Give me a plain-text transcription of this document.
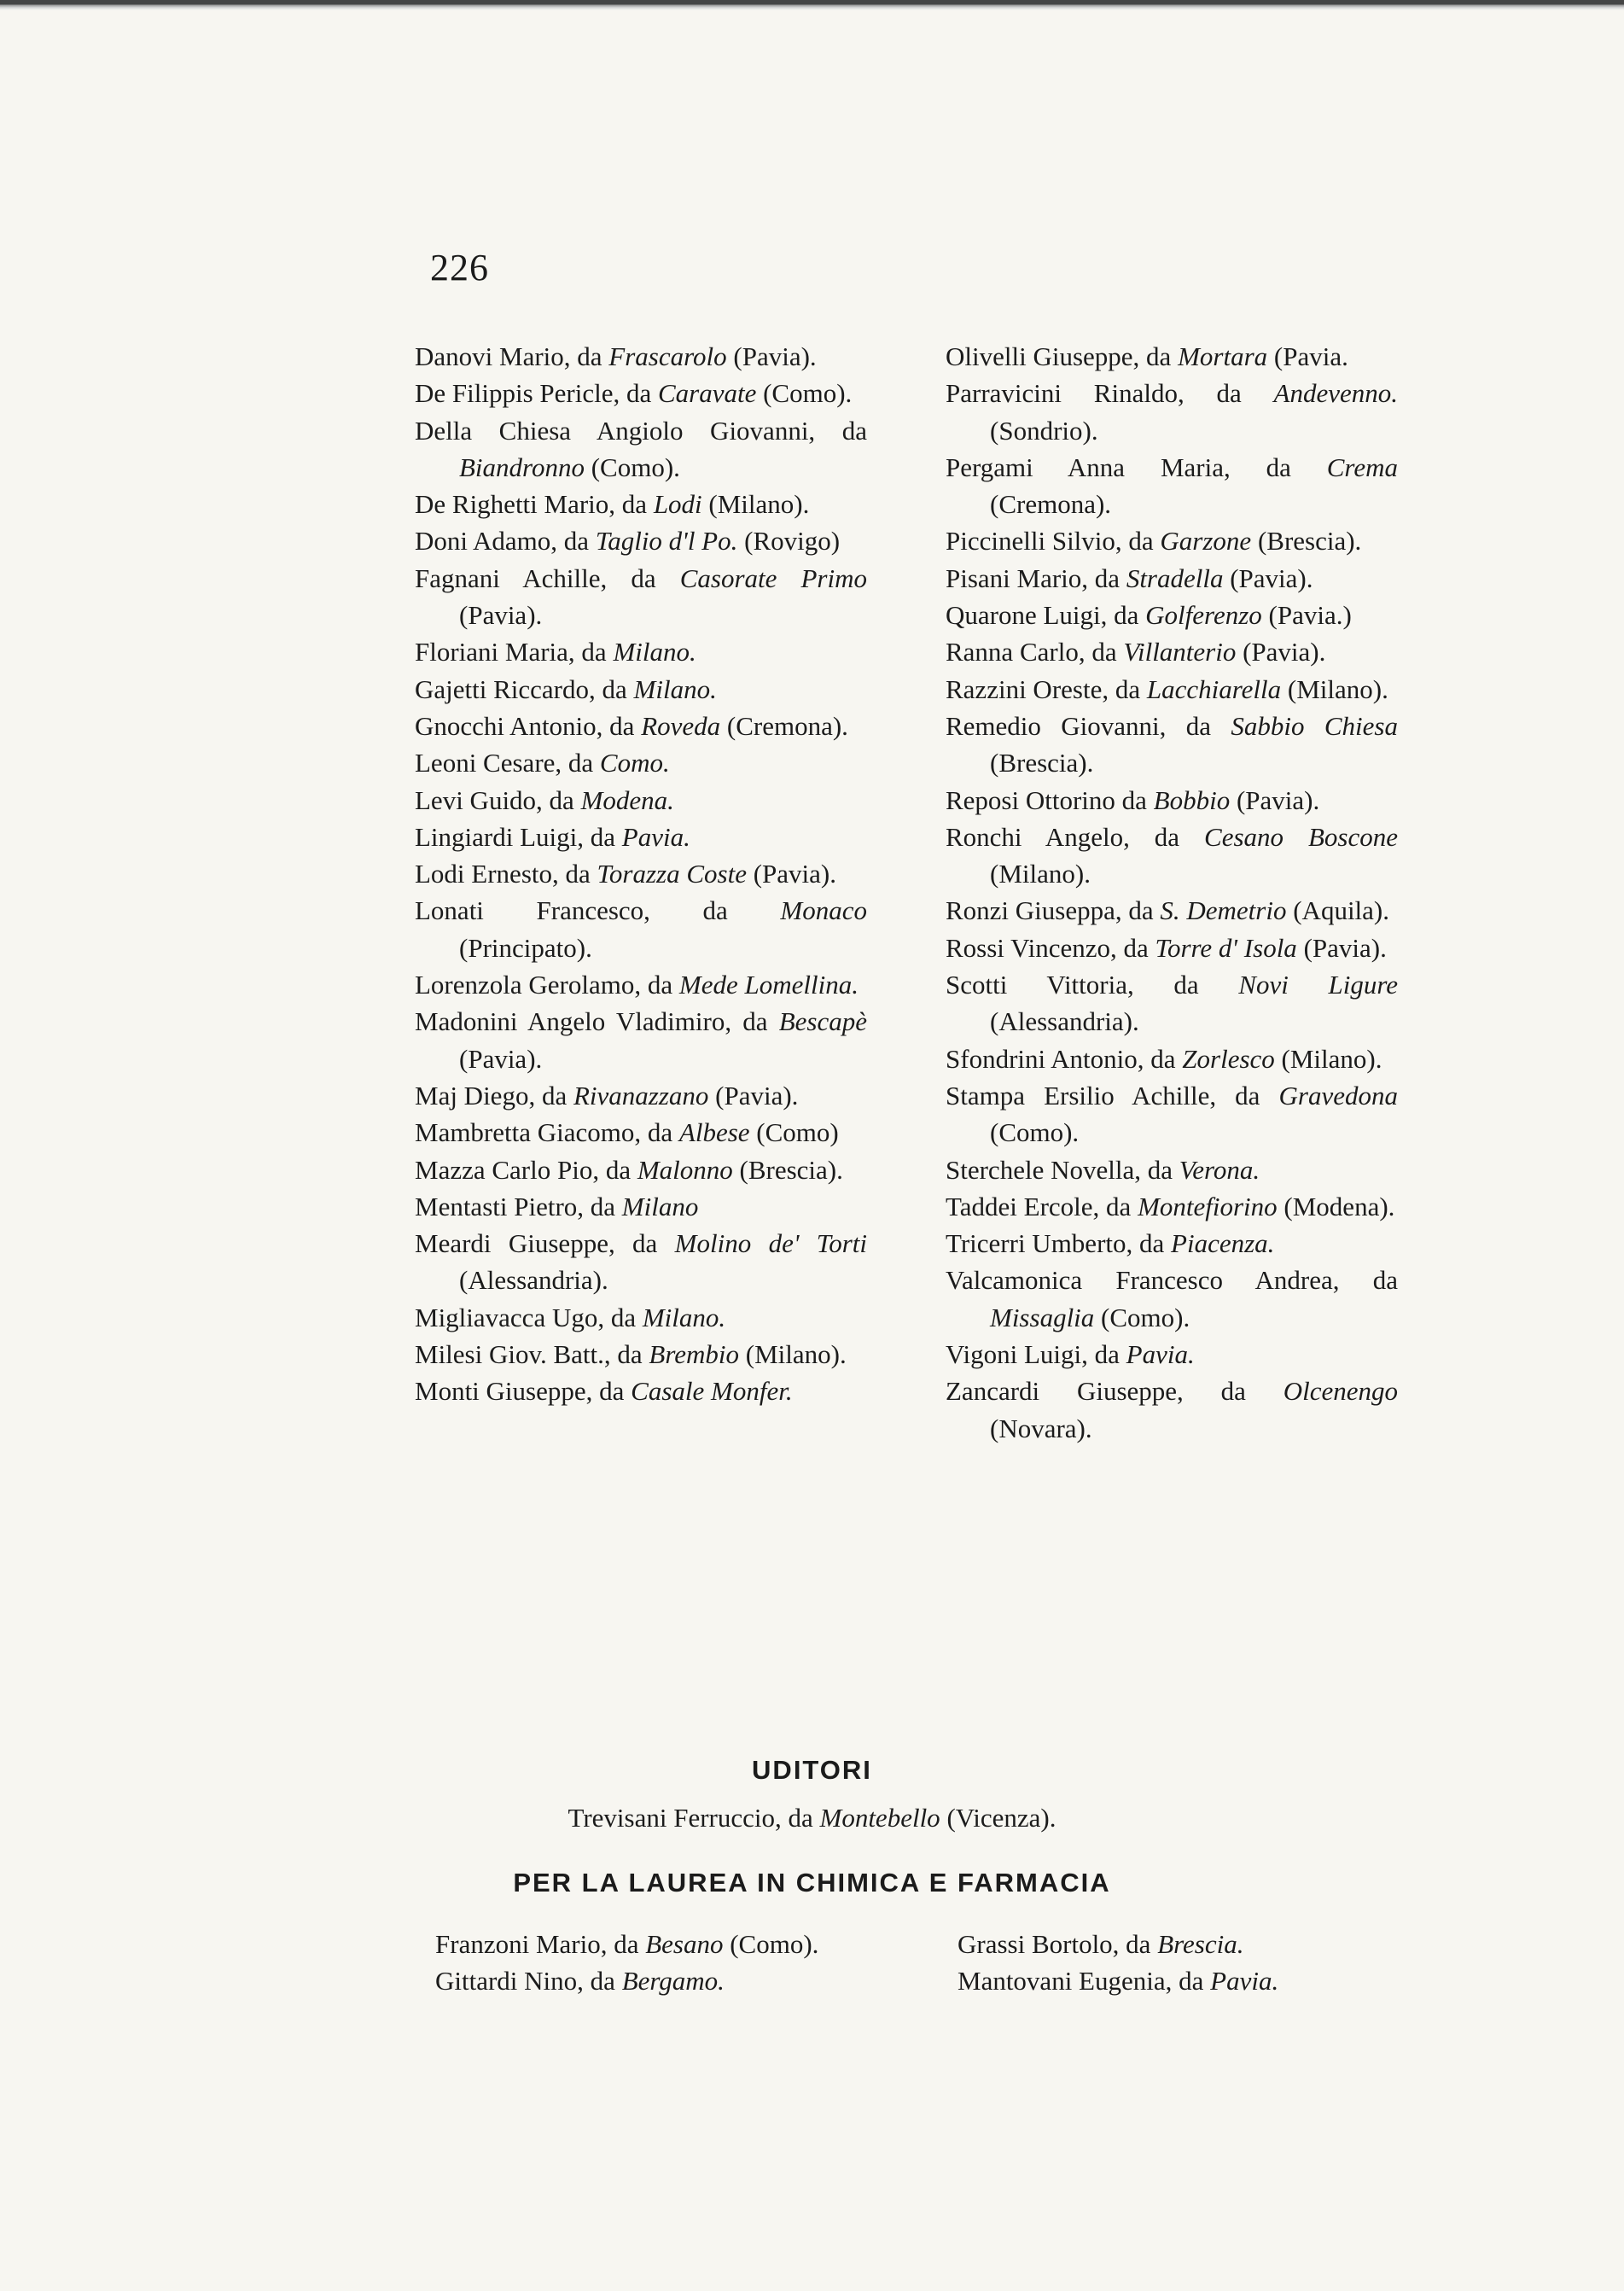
226

Danovi Mario, da Frascarolo (Pavia).

De Filippis Pericle, da Caravate (Como).

Della Chiesa Angiolo Giovanni, da Biandronno (Como).

De Righetti Mario, da Lodi (Milano).

Doni Adamo, da Taglio d'l Po. (Rovigo)

Fagnani Achille, da Casorate Primo (Pavia).

Floriani Maria, da Milano.

Gajetti Riccardo, da Milano.

Gnocchi Antonio, da Roveda (Cremona).

Leoni Cesare, da Como.

Levi Guido, da Modena.

Lingiardi Luigi, da Pavia.

Lodi Ernesto, da Torazza Coste (Pavia).

Lonati Francesco, da Monaco (Principato).

Lorenzola Gerolamo, da Mede Lomellina.

Madonini Angelo Vladimiro, da Bescapè (Pavia).

Maj Diego, da Rivanazzano (Pavia).

Mambretta Giacomo, da Albese (Como)

Mazza Carlo Pio, da Malonno (Brescia).

Mentasti Pietro, da Milano

Meardi Giuseppe, da Molino de' Torti (Alessandria).

Migliavacca Ugo, da Milano.

Milesi Giov. Batt., da Brembio (Milano).

Monti Giuseppe, da Casale Monfer.

Olivelli Giuseppe, da Mortara (Pavia.

Parravicini Rinaldo, da Andevenno. (Sondrio).

Pergami Anna Maria, da Crema (Cremona).

Piccinelli Silvio, da Garzone (Brescia).

Pisani Mario, da Stradella (Pavia).

Quarone Luigi, da Golferenzo (Pavia.)

Ranna Carlo, da Villanterio (Pavia).

Razzini Oreste, da Lacchiarella (Milano).

Remedio Giovanni, da Sabbio Chiesa (Brescia).

Reposi Ottorino da Bobbio (Pavia).

Ronchi Angelo, da Cesano Boscone (Milano).

Ronzi Giuseppa, da S. Demetrio (Aquila).

Rossi Vincenzo, da Torre d' Isola (Pavia).

Scotti Vittoria, da Novi Ligure (Alessandria).

Sfondrini Antonio, da Zorlesco (Milano).

Stampa Ersilio Achille, da Gravedona (Como).

Sterchele Novella, da Verona.

Taddei Ercole, da Montefiorino (Modena).

Tricerri Umberto, da Piacenza.

Valcamonica Francesco Andrea, da Missaglia (Como).

Vigoni Luigi, da Pavia.

Zancardi Giuseppe, da Olcenengo (Novara).

UDITORI
Trevisani Ferruccio, da Montebello (Vicenza).
PER LA LAUREA IN CHIMICA E FARMACIA

Franzoni Mario, da Besano (Como).

Gittardi Nino, da Bergamo.

Grassi Bortolo, da Brescia.

Mantovani Eugenia, da Pavia.
